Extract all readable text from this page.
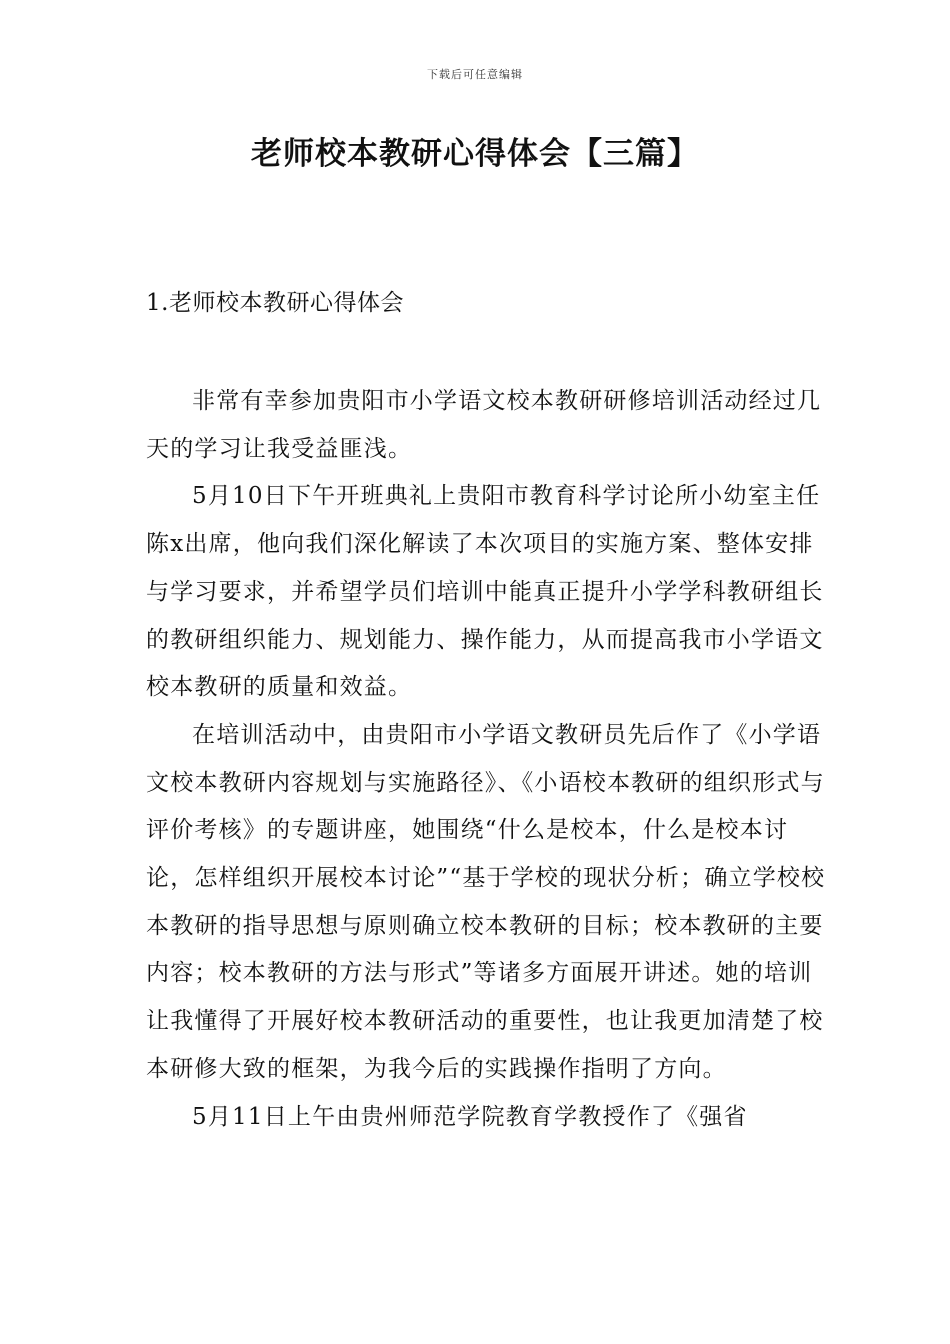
下载后可任意编辑
老师校本教研心得体会【三篇】
1.老师校本教研心得体会

非常有幸参加贵阳市小学语文校本教研研修培训活动经过几天的学习让我受益匪浅。

5月10日下午开班典礼上贵阳市教育科学讨论所小幼室主任陈x出席，他向我们深化解读了本次项目的实施方案、整体安排与学习要求，并希望学员们培训中能真正提升小学学科教研组长的教研组织能力、规划能力、操作能力，从而提高我市小学语文校本教研的质量和效益。

在培训活动中，由贵阳市小学语文教研员先后作了《小学语文校本教研内容规划与实施路径》、《小语校本教研的组织形式与评价考核》的专题讲座，她围绕“什么是校本，什么是校本讨论，怎样组织开展校本讨论”“基于学校的现状分析；确立学校校本教研的指导思想与原则确立校本教研的目标；校本教研的主要内容；校本教研的方法与形式”等诸多方面展开讲述。她的培训让我懂得了开展好校本教研活动的重要性，也让我更加清楚了校本研修大致的框架，为我今后的实践操作指明了方向。

5月11日上午由贵州师范学院教育学教授作了《强省
